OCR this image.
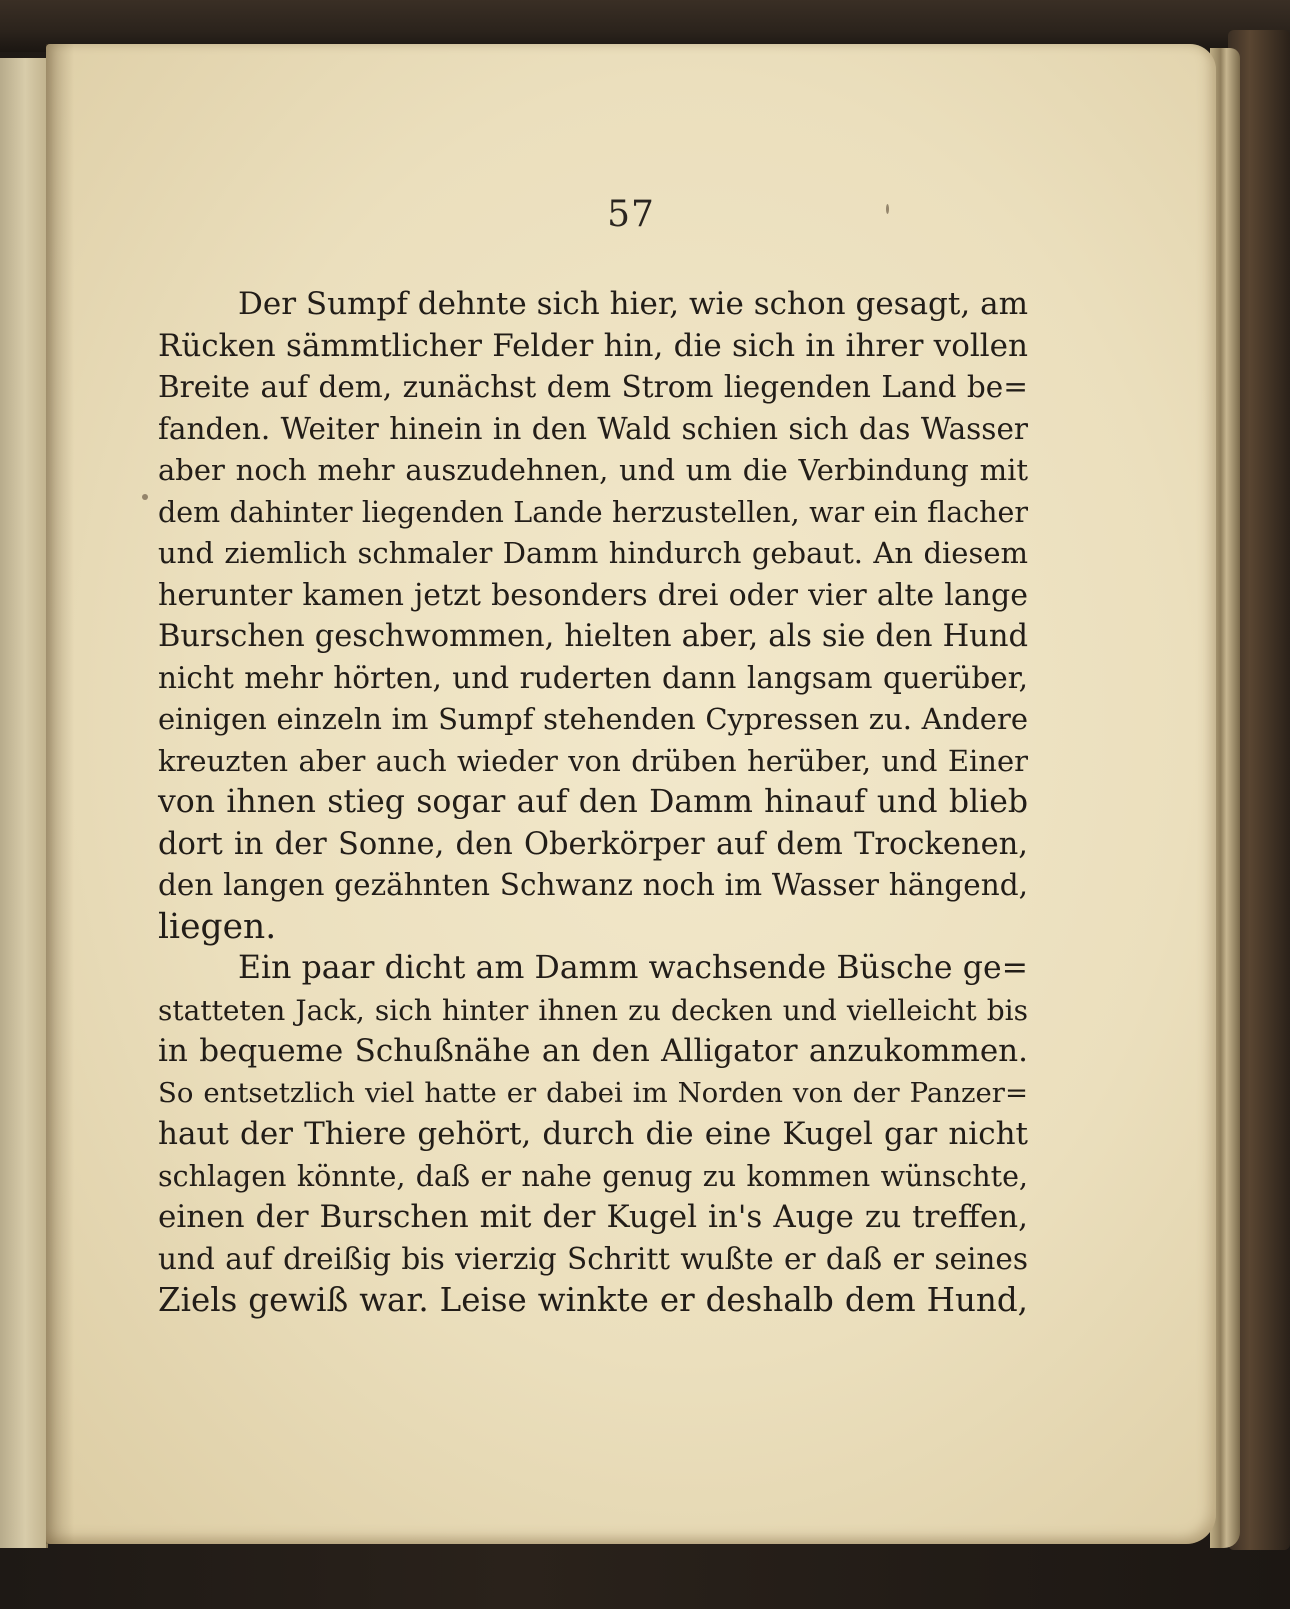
57
Der Sumpf dehnte sich hier, wie schon gesagt, am
Rücken sämmtlicher Felder hin, die sich in ihrer vollen
Breite auf dem, zunächst dem Strom liegenden Land be=
fanden. Weiter hinein in den Wald schien sich das Wasser
aber noch mehr auszudehnen, und um die Verbindung mit
dem dahinter liegenden Lande herzustellen, war ein flacher
und ziemlich schmaler Damm hindurch gebaut. An diesem
herunter kamen jetzt besonders drei oder vier alte lange
Burschen geschwommen, hielten aber, als sie den Hund
nicht mehr hörten, und ruderten dann langsam querüber,
einigen einzeln im Sumpf stehenden Cypressen zu. Andere
kreuzten aber auch wieder von drüben herüber, und Einer
von ihnen stieg sogar auf den Damm hinauf und blieb
dort in der Sonne, den Oberkörper auf dem Trockenen,
den langen gezähnten Schwanz noch im Wasser hängend,
liegen.
Ein paar dicht am Damm wachsende Büsche ge=
statteten Jack, sich hinter ihnen zu decken und vielleicht bis
in bequeme Schußnähe an den Alligator anzukommen.
So entsetzlich viel hatte er dabei im Norden von der Panzer=
haut der Thiere gehört, durch die eine Kugel gar nicht
schlagen könnte, daß er nahe genug zu kommen wünschte,
einen der Burschen mit der Kugel in's Auge zu treffen,
und auf dreißig bis vierzig Schritt wußte er daß er seines
Ziels gewiß war. Leise winkte er deshalb dem Hund,
